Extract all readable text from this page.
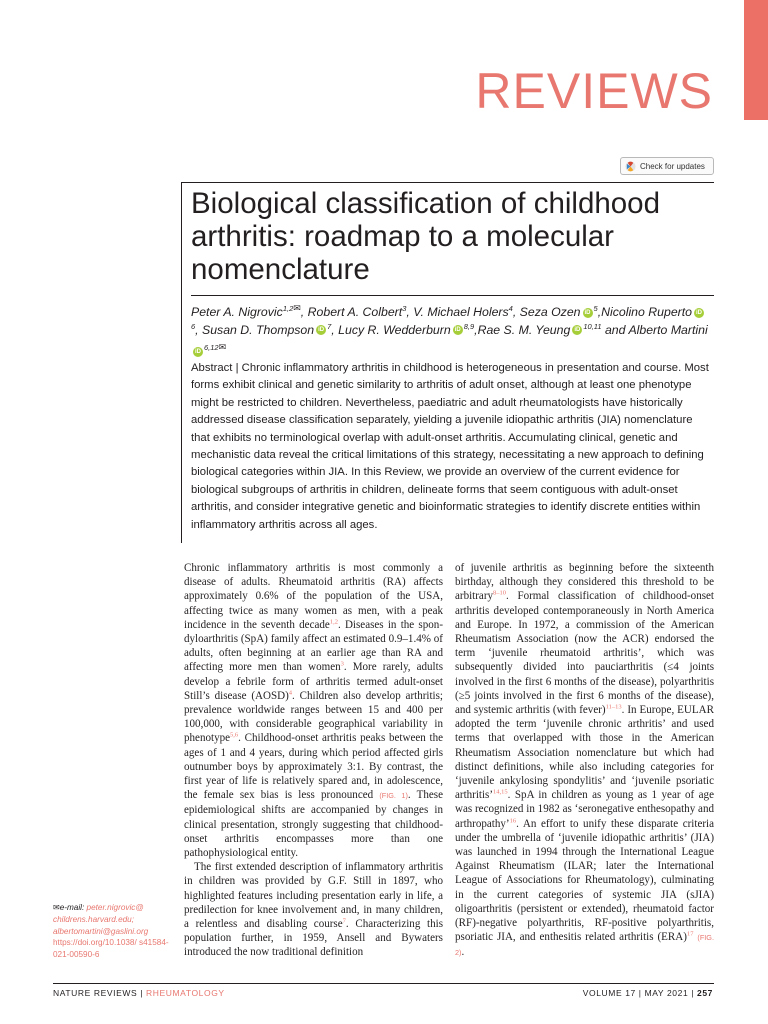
REVIEWS
Check for updates
Biological classification of childhood arthritis: roadmap to a molecular nomenclature
Peter A. Nigrovic$^{1,2✉}$, Robert A. Colbert$^3$, V. Michael Holers$^4$, Seza Ozen iD $^5$,Nicolino Ruperto $iD^6$, Susan D. Thompson iD $^7$, Lucy R. Wedderburn iD $^{8,9}$,Rae S. M. Yeung iD $^{10,11}$ and Alberto MartiniiD $^{6,12✉}$

Abstract | Chronic inflammatory arthritis in childhood is heterogeneous in presentation and course. Most forms exhibit clinical and genetic similarity to arthritis of adult onset, although at least one phenotype might be restricted to children. Nevertheless, paediatric and adult rheumatologists have historically addressed disease classification separately, yielding a juvenile idiopathic arthritis (JIA) nomenclature that exhibits no terminological overlap with adult-onset arthritis. Accumulating clinical, genetic and mechanistic data reveal the critical limitations of this strategy, necessitating a new approach to defining biological categories within JIA. In this Review, we provide an overview of the current evidence for biological subgroups of arthritis in children, delineate forms that seem contiguous with adult-onset arthritis, and consider integrative genetic and bioinformatic strategies to identify discrete entities within inflammatory arthritis across all ages.

Chronic inflammatory arthritis is most commonly a disease of adults. Rheumatoid arthritis (RA) affects approximately 0.6% of the population of the USA, affecting twice as many women as men, with a peak incidence in the seventh decade$^{1,2}$. Diseases in the spondyloarthritis (SpA) family affect an estimated 0.9–1.4% of adults, often beginning at an earlier age than RA and affecting more men than women$^3$. More rarely, adults develop a febrile form of arthritis termed adult-onset Still’s disease (AOSD)$^4$. Children also develop arthritis; prevalence worldwide ranges between 15 and 400 per 100,000, with considerable geographical variability in phenotype$^{5,6}$. Childhood-onset arthritis peaks between the ages of 1 and 4 years, during which period affected girls outnumber boys by approximately 3:1. By contrast, the first year of life is relatively spared and, in adolescence, the female sex bias is less pronounced (FIG. 1). These epidemiological shifts are accompanied by changes in clinical presentation, strongly suggesting that childhood-onset arthritis encompasses more than one pathophysiological entity.

The first extended description of inflammatory arthritis in children was provided by G.F. Still in 1897, who highlighted features including presentation early in life, a predilection for knee involvement and, in many children, a relentless and disabling course$^7$. Characterizing this population further, in 1959, Ansell and Bywaters introduced the now traditional definition

of juvenile arthritis as beginning before the sixteenth birthday, although they considered this threshold to be arbitrary$^{8-10}$. Formal classification of childhood-onset arthritis developed contemporaneously in North America and Europe. In 1972, a commission of the American Rheumatism Association (now the ACR) endorsed the term ‘juvenile rheumatoid arthritis’, which was subsequently divided into pauciarthritis (≤4 joints involved in the first 6 months of the disease), polyarthritis (≥5 joints involved in the first 6 months of the disease), and systemic arthritis (with fever)$^{11-13}$. In Europe, EULAR adopted the term ‘juvenile chronic arthritis’ and used terms that overlapped with those in the American Rheumatism Association nomenclature but which had distinct definitions, while also including categories for ‘juvenile ankylosing spondylitis’ and ‘juvenile psoriatic arthritis’$^{14,15}$. SpA in children as young as 1 year of age was recognized in 1982 as ‘seronegative enthesopathy and arthropathy’$^{16}$. An effort to unify these disparate criteria under the umbrella of ‘juvenile idiopathic arthritis’ (JIA) was launched in 1994 through the International League Against Rheumatism (ILAR; later the International League of Associations for Rheumatology), culminating in the current categories of systemic JIA (sJIA) oligoarthritis (persistent or extended), rheumatoid factor (RF)-negative polyarthritis, RF-positive polyarthritis, psoriatic JIA, and enthesitis related arthritis (ERA)$^{17}$ (FIG. 2).

✉e-mail: peter.nigrovic@ childrens.harvard.edu; albertomartini@gaslini.org
https://doi.org/10.1038/ s41584-021-00590-6
NATURE REVIEWS | RHEUMATOLOGY	VOLUME 17 | MAY 2021 | 257
